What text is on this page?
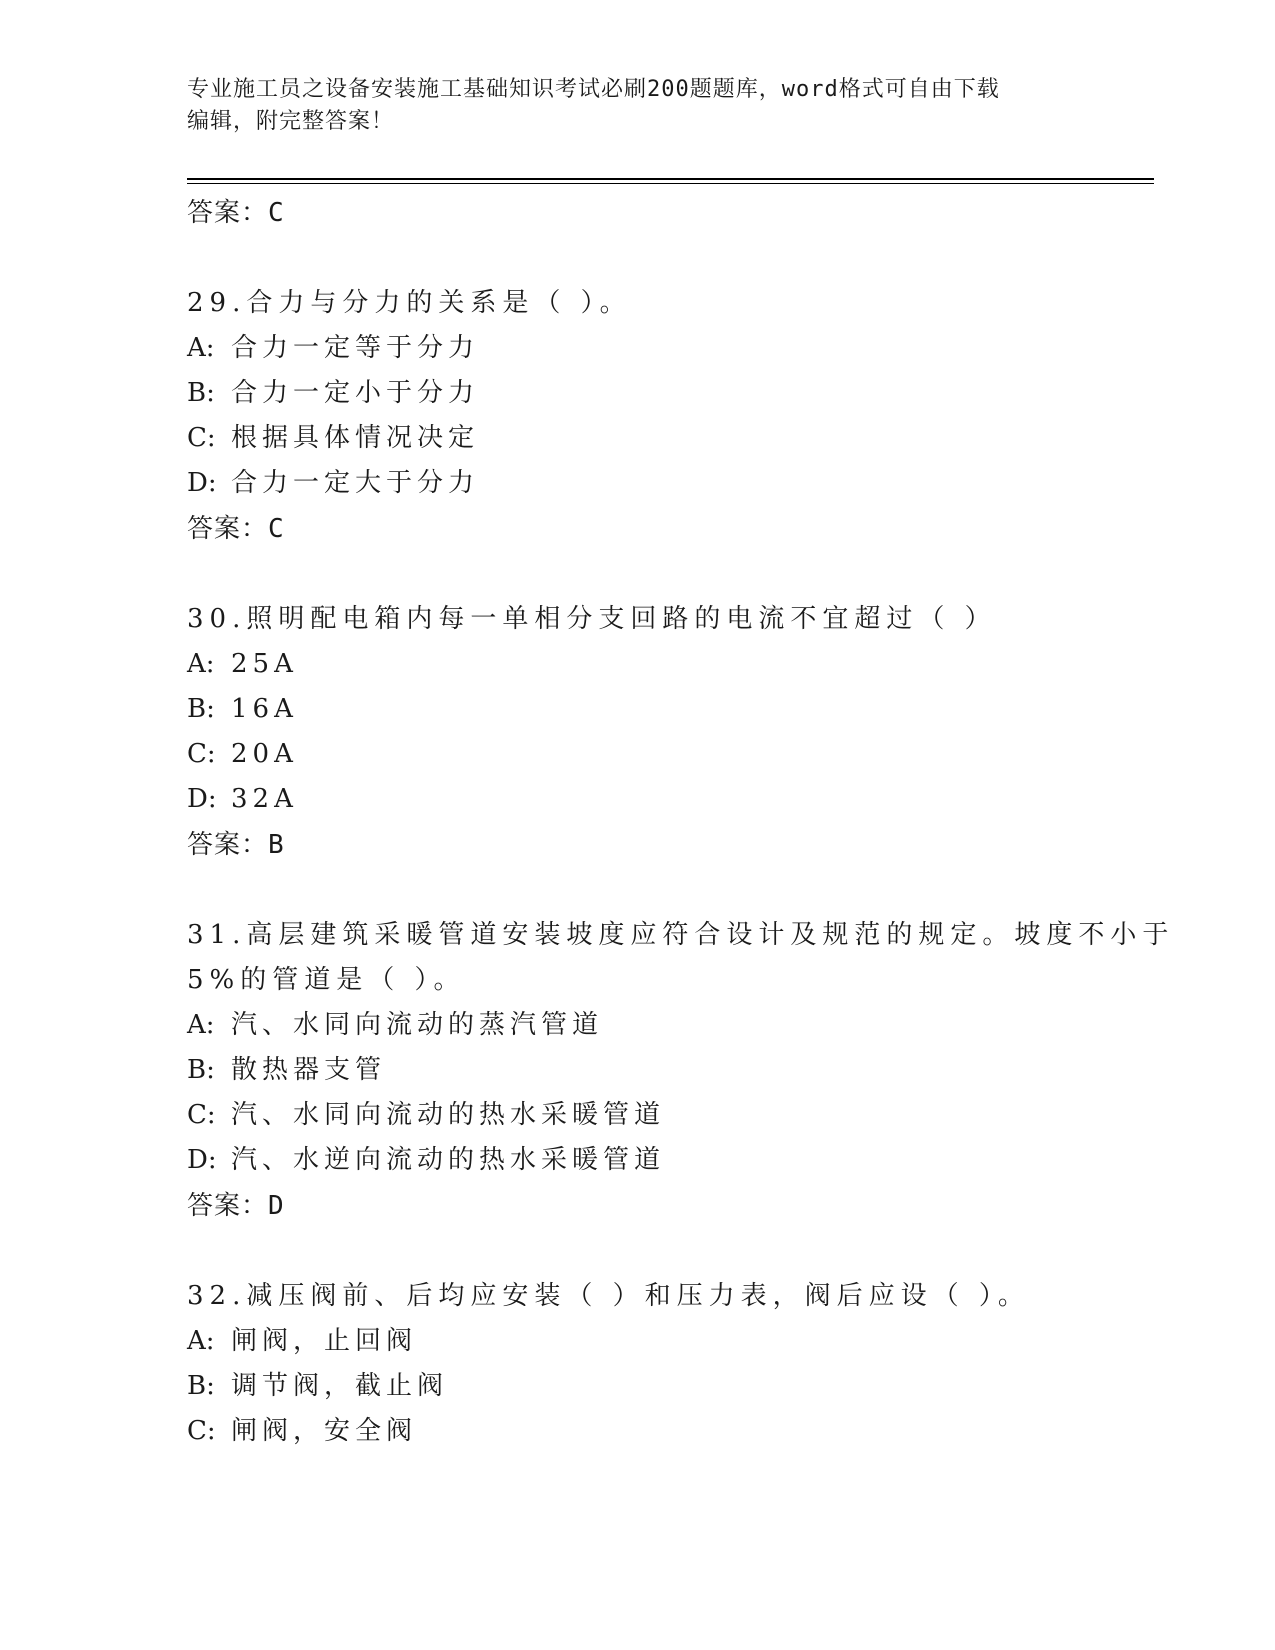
专业施工员之设备安装施工基础知识考试必刷200题题库，word格式可自由下载
编辑，附完整答案！
答案：C
29.合力与分力的关系是（ ）。
A: 合力一定等于分力
B: 合力一定小于分力
C: 根据具体情况决定
D: 合力一定大于分力
答案：C
30.照明配电箱内每一单相分支回路的电流不宜超过（ ）
A: 25A
B: 16A
C: 20A
D: 32A
答案：B
31.高层建筑采暖管道安装坡度应符合设计及规范的规定。坡度不小于
5%的管道是（ ）。
A: 汽、水同向流动的蒸汽管道
B: 散热器支管
C: 汽、水同向流动的热水采暖管道
D: 汽、水逆向流动的热水采暖管道
答案：D
32.减压阀前、后均应安装（ ）和压力表，阀后应设（ ）。
A: 闸阀，止回阀
B: 调节阀，截止阀
C: 闸阀，安全阀
